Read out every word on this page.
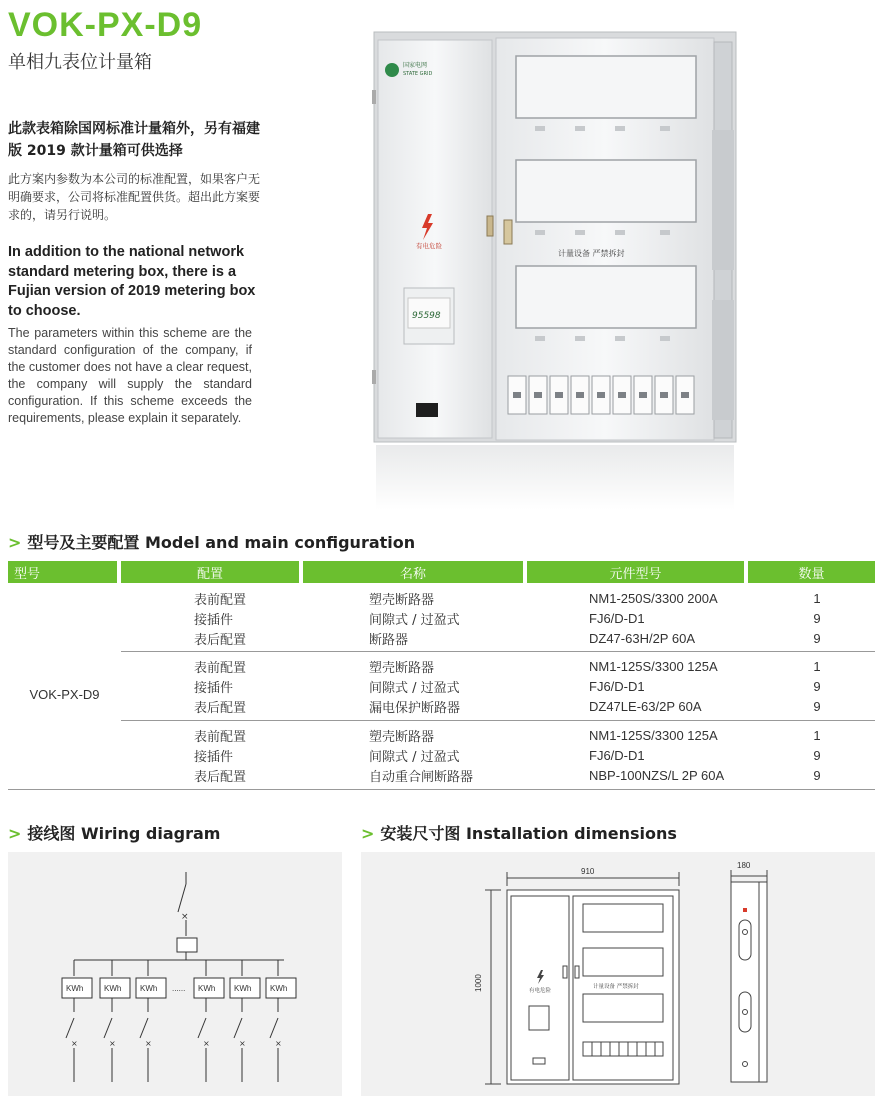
VOK-PX-D9
单相九表位计量箱
此款表箱除国网标准计量箱外，另有福建版 2019 款计量箱可供选择
此方案内参数为本公司的标准配置，如果客户无明确要求，公司将标准配置供货。超出此方案要求的，请另行说明。
In addition to the national network standard metering box, there is a Fujian version of 2019 metering box to choose.
The parameters within this scheme are the standard configuration of the company, if the customer does not have a clear request, the company will supply the standard configuration. If this scheme exceeds the requirements, please explain it separately.
国家电网
STATE GRID
有电危险
95598
计量设备 严禁拆封
> 型号及主要配置 Model and main configuration
型号	配置	名称	元件型号	数量
VOK-PX-D9
表前配置	塑壳断路器	NM1-250S/3300 200A	1
接插件	间隙式 / 过盈式	FJ6/D-D1	9
表后配置	断路器	DZ47-63H/2P 60A	9
表前配置	塑壳断路器	NM1-125S/3300 125A	1
接插件	间隙式 / 过盈式	FJ6/D-D1	9
表后配置	漏电保护断路器	DZ47LE-63/2P 60A	9
表前配置	塑壳断路器	NM1-125S/3300 125A	1
接插件	间隙式 / 过盈式	FJ6/D-D1	9
表后配置	自动重合闸断路器	NBP-100NZS/L 2P 60A	9
> 接线图 Wiring diagram	> 安装尺寸图 Installation dimensions
×
KWh	KWh KWh	KWh KWh KWh
......
×	×	×	×	×	×
910
1000
180
有电危险
计量设备 严禁拆封
